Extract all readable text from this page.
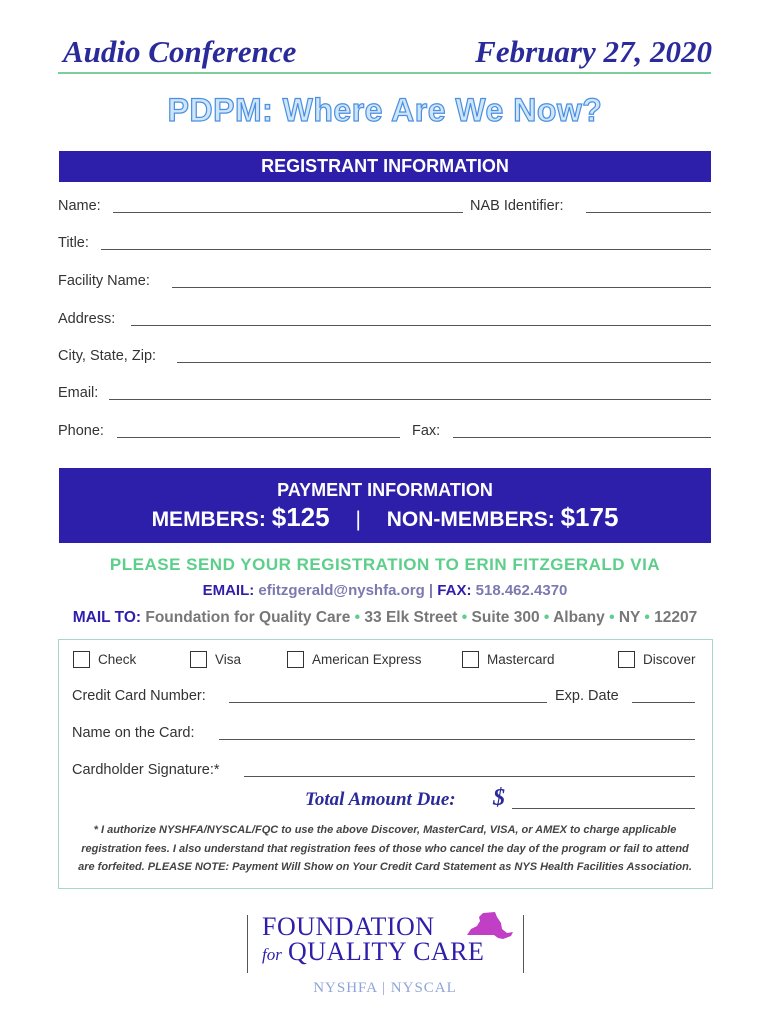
Audio Conference	February 27, 2020
PDPM: Where Are We Now?
REGISTRANT INFORMATION
Name:	NAB Identifier:
Title:
Facility Name:
Address:
City, State, Zip:
Email:
Phone:	Fax:
PAYMENT INFORMATION
MEMBERS: $125 | NON-MEMBERS: $175
PLEASE SEND YOUR REGISTRATION TO ERIN FITZGERALD VIA
EMAIL: efitzgerald@nyshfa.org | FAX: 518.462.4370
MAIL TO: Foundation for Quality Care • 33 Elk Street • Suite 300 • Albany • NY • 12207
Check	Visa	American Express	Mastercard	Discover
Credit Card Number:	Exp. Date
Name on the Card:
Cardholder Signature:*
Total Amount Due: $
* I authorize NYSHFA/NYSCAL/FQC to use the above Discover, MasterCard, VISA, or AMEX to charge applicable
registration fees. I also understand that registration fees of those who cancel the day of the program or fail to attend
are forfeited. PLEASE NOTE: Payment Will Show on Your Credit Card Statement as NYS Health Facilities Association.
FOUNDATION
for QUALITY CARE
NYSHFA | NYSCAL
